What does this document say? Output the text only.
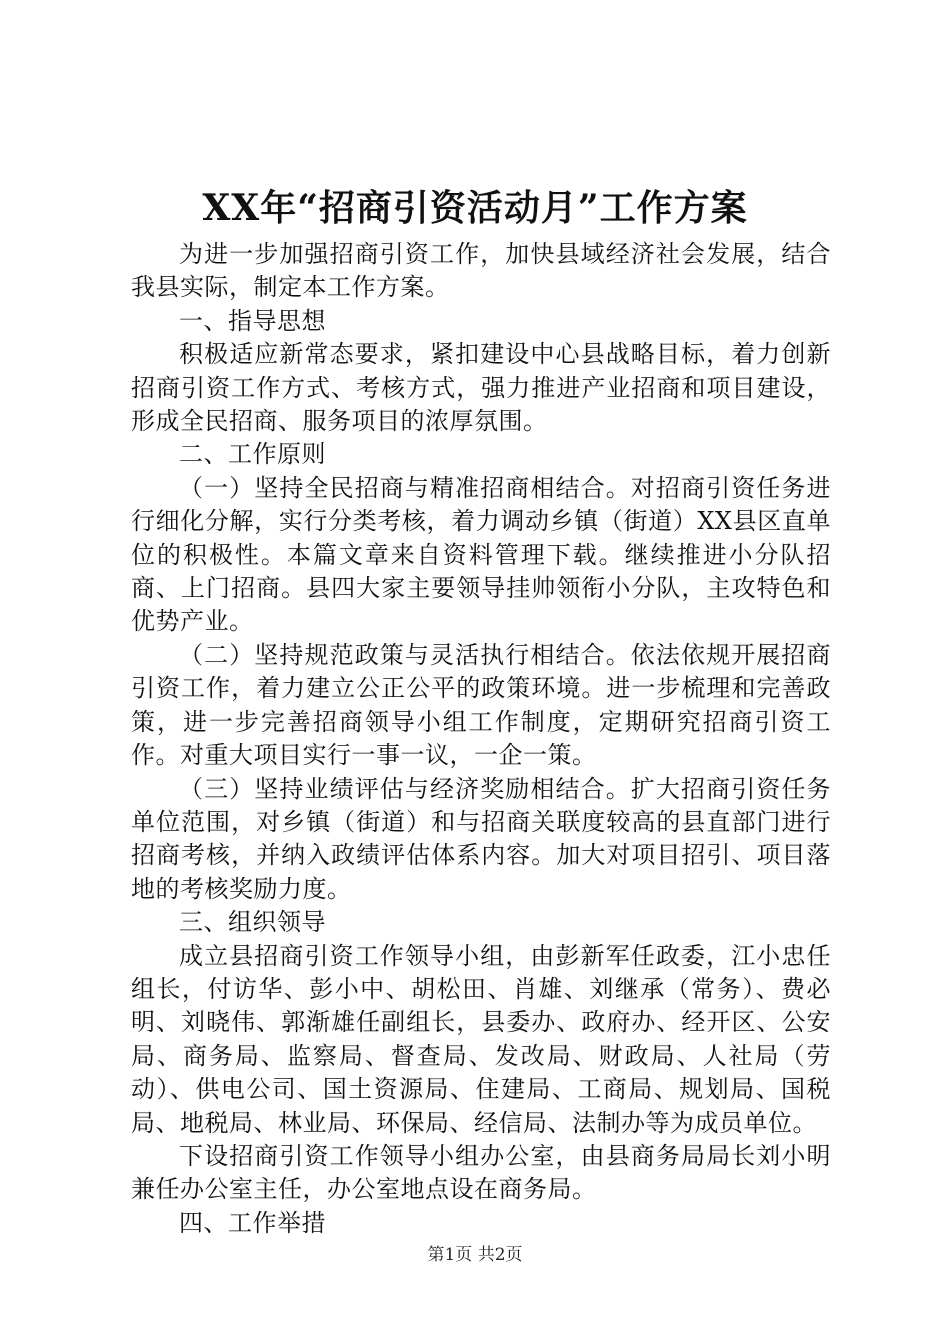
XX年“招商引资活动月”工作方案

为进一步加强招商引资工作，加快县域经济社会发展，结合我县实际，制定本工作方案。

一、指导思想

积极适应新常态要求，紧扣建设中心县战略目标，着力创新招商引资工作方式、考核方式，强力推进产业招商和项目建设，形成全民招商、服务项目的浓厚氛围。

二、工作原则

（一）坚持全民招商与精准招商相结合。对招商引资任务进行细化分解，实行分类考核，着力调动乡镇（街道）XX县区直单位的积极性。本篇文章来自资料管理下载。继续推进小分队招商、上门招商。县四大家主要领导挂帅领衔小分队，主攻特色和优势产业。

（二）坚持规范政策与灵活执行相结合。依法依规开展招商引资工作，着力建立公正公平的政策环境。进一步梳理和完善政策，进一步完善招商领导小组工作制度，定期研究招商引资工作。对重大项目实行一事一议，一企一策。

（三）坚持业绩评估与经济奖励相结合。扩大招商引资任务单位范围，对乡镇（街道）和与招商关联度较高的县直部门进行招商考核，并纳入政绩评估体系内容。加大对项目招引、项目落地的考核奖励力度。

三、组织领导

成立县招商引资工作领导小组，由彭新军任政委，江小忠任组长，付访华、彭小中、胡松田、肖雄、刘继承（常务）、费必明、刘晓伟、郭渐雄任副组长，县委办、政府办、经开区、公安局、商务局、监察局、督查局、发改局、财政局、人社局（劳动）、供电公司、国土资源局、住建局、工商局、规划局、国税局、地税局、林业局、环保局、经信局、法制办等为成员单位。

下设招商引资工作领导小组办公室，由县商务局局长刘小明兼任办公室主任，办公室地点设在商务局。

四、工作举措

第1页 共2页
